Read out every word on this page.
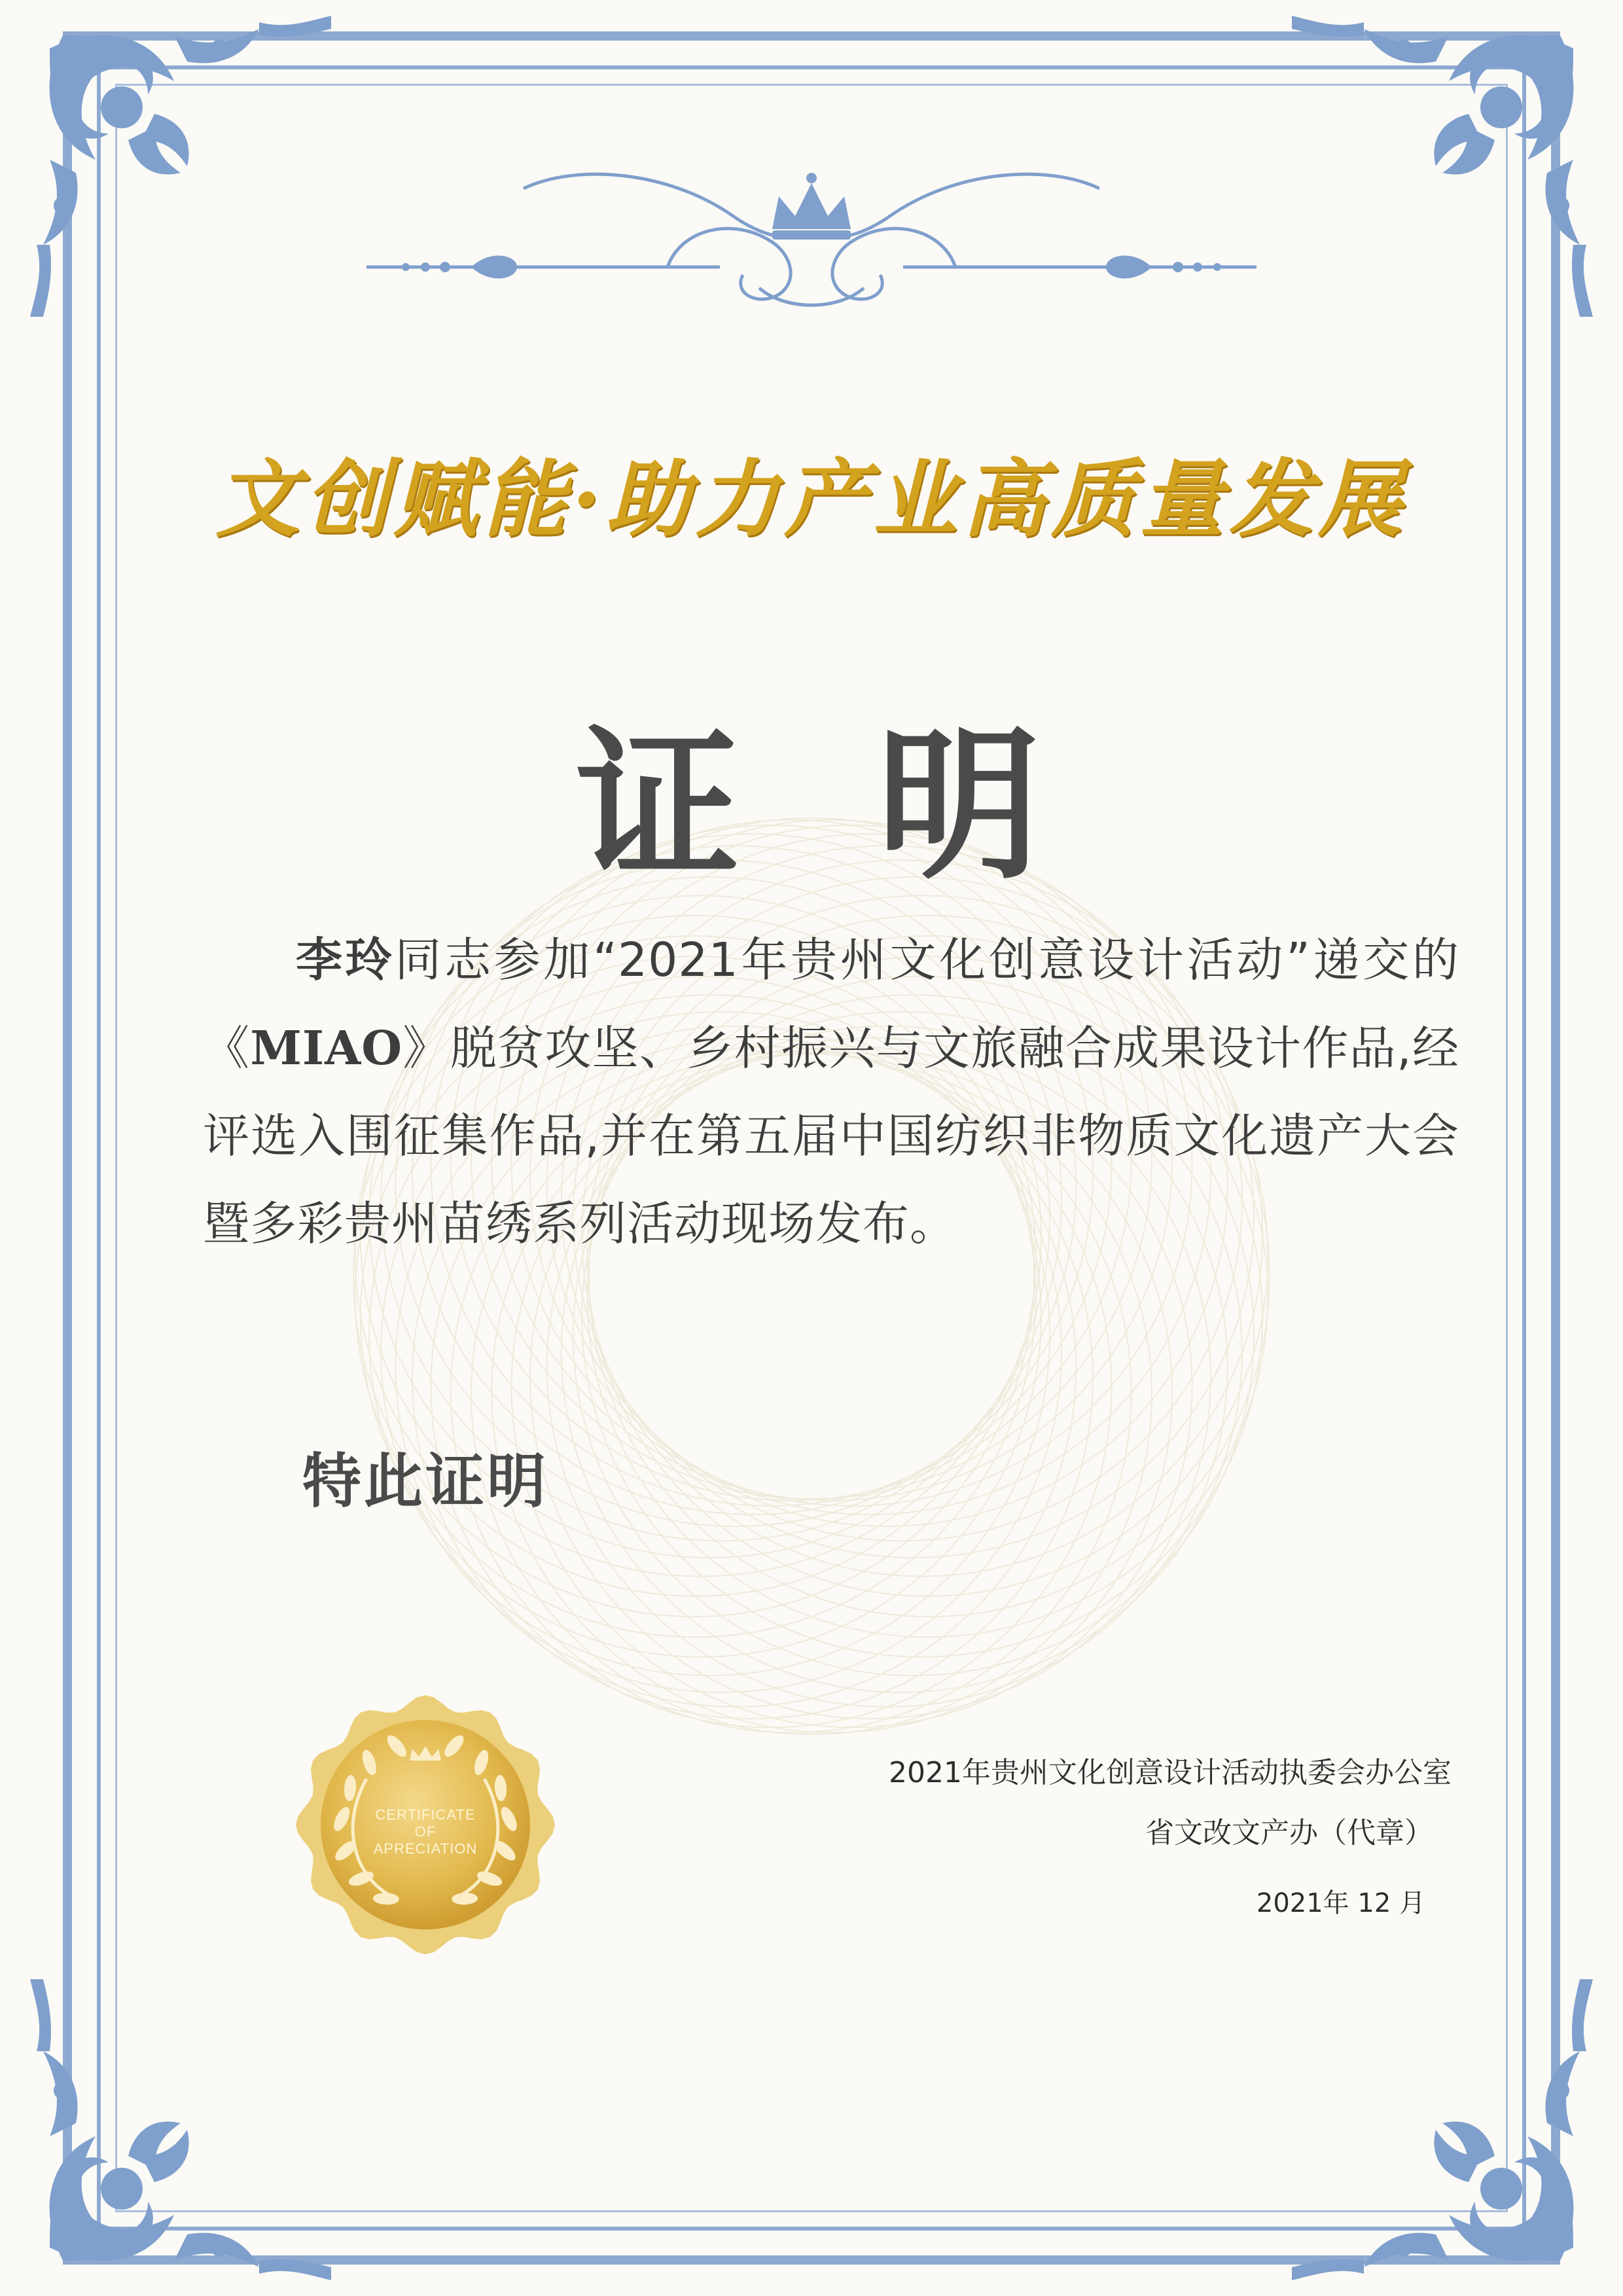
文创赋能·助力产业高质量发展
证 明
李玲同志参加“2021年贵州文化创意设计活动”递交的《MIAO》脱贫攻坚、乡村振兴与文旅融合成果设计作品,经评选入围征集作品,并在第五届中国纺织非物质文化遗产大会暨多彩贵州苗绣系列活动现场发布。
特此证明
CERTIFICATE
OF
APRECIATION
2021年贵州文化创意设计活动执委会办公室
省文改文产办（代章）
2021年 12 月
